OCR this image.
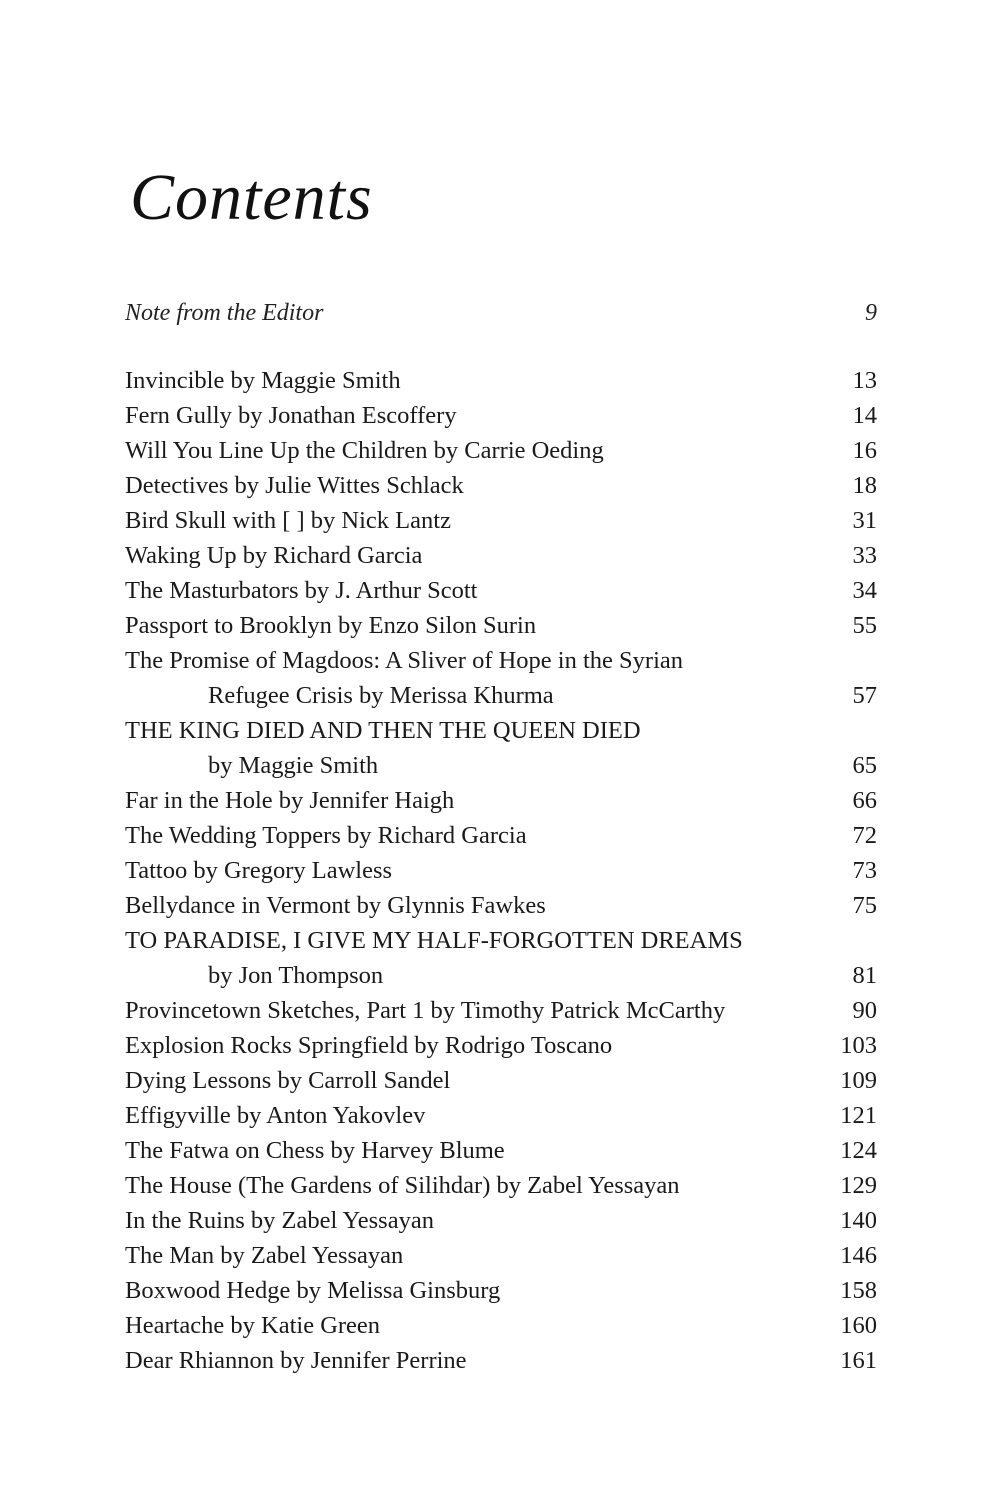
Contents
Note from the Editor	9
Invincible by Maggie Smith	13
Fern Gully by Jonathan Escoffery	14
Will You Line Up the Children by Carrie Oeding	16
Detectives by Julie Wittes Schlack	18
Bird Skull with [ ] by Nick Lantz	31
Waking Up by Richard Garcia	33
The Masturbators by J. Arthur Scott	34
Passport to Brooklyn by Enzo Silon Surin	55
The Promise of Magdoos: A Sliver of Hope in the Syrian
Refugee Crisis by Merissa Khurma	57
THE KING DIED AND THEN THE QUEEN DIED
by Maggie Smith	65
Far in the Hole by Jennifer Haigh	66
The Wedding Toppers by Richard Garcia	72
Tattoo by Gregory Lawless	73
Bellydance in Vermont by Glynnis Fawkes	75
TO PARADISE, I GIVE MY HALF-FORGOTTEN DREAMS
by Jon Thompson	81
Provincetown Sketches, Part 1 by Timothy Patrick McCarthy	90
Explosion Rocks Springfield by Rodrigo Toscano	103
Dying Lessons by Carroll Sandel	109
Effigyville by Anton Yakovlev	121
The Fatwa on Chess by Harvey Blume	124
The House (The Gardens of Silihdar) by Zabel Yessayan	129
In the Ruins by Zabel Yessayan	140
The Man by Zabel Yessayan	146
Boxwood Hedge by Melissa Ginsburg	158
Heartache by Katie Green	160
Dear Rhiannon by Jennifer Perrine	161
